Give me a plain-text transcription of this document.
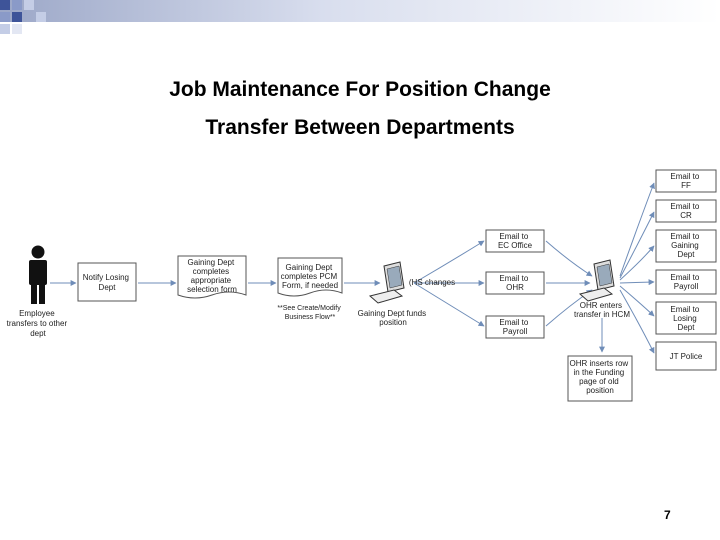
Job Maintenance For Position Change
Transfer Between Departments
Employee transfers to other dept
Notify Losing Dept
Gaining Dept completes appropriate selection form
Gaining Dept completes PCM Form, if needed
**See Create/Modify Business Flow**
(HS changes
Gaining Dept funds position
Email to EC Office
Email to OHR
Email to Payroll
OHR enters transfer in HCM
OHR inserts row in the Funding page of old position
Email to FF
Email to CR
Email to Gaining Dept
Email to Payroll
Email to Losing Dept
JT Police
7
